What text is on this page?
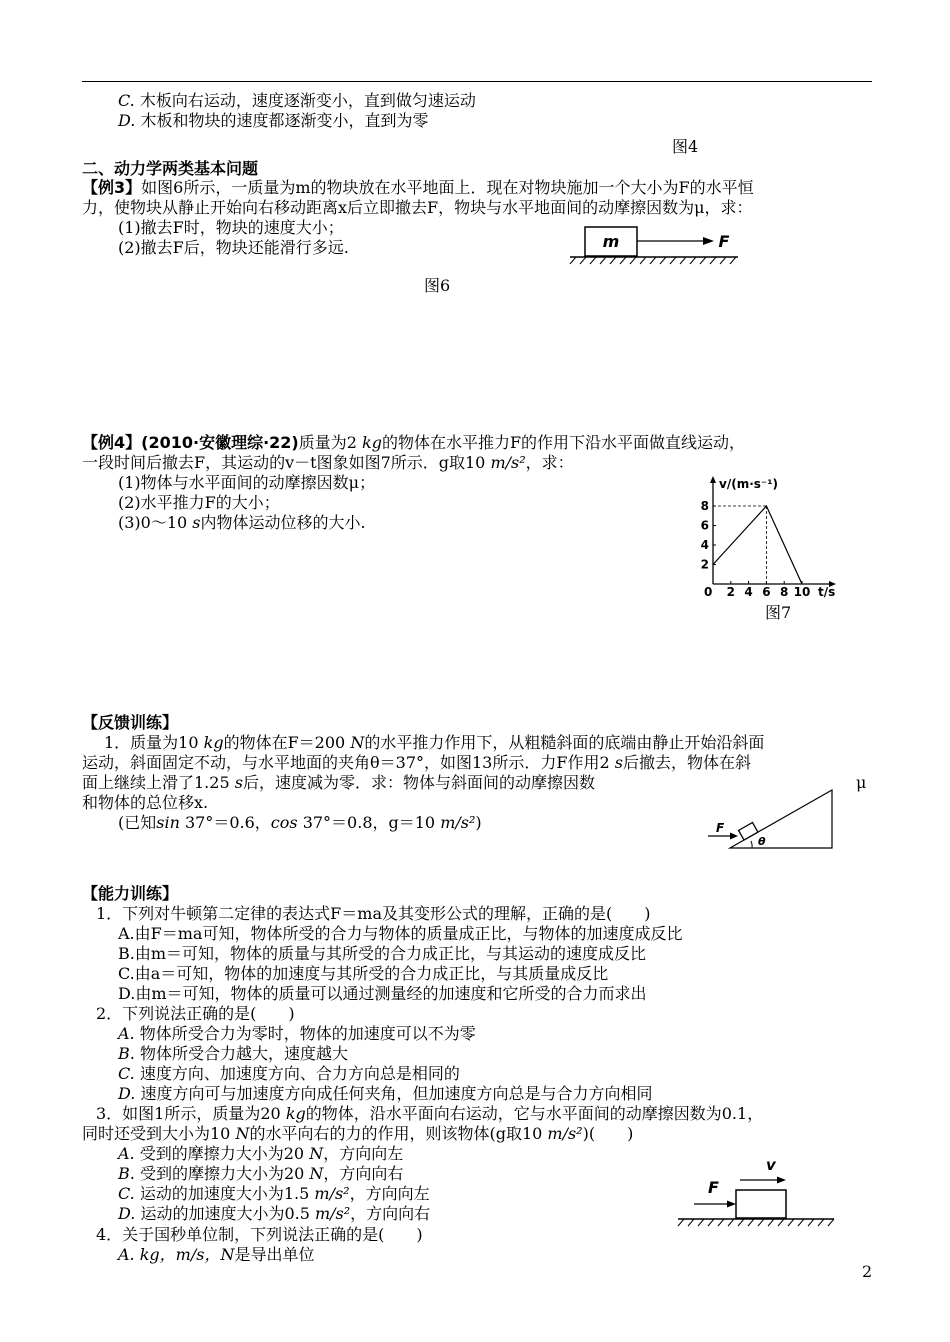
C. 木板向右运动，速度逐渐变小，直到做匀速运动
D. 木板和物块的速度都逐渐变小，直到为零
图4
二、动力学两类基本问题
【例3】如图6所示，一质量为m的物块放在水平地面上．现在对物块施加一个大小为F的水平恒
力，使物块从静止开始向右移动距离x后立即撤去F，物块与水平地面间的动摩擦因数为μ，求：
(1)撤去F时，物块的速度大小；
(2)撤去F后，物块还能滑行多远.	m	F
图6
【例4】(2010·安徽理综·22)质量为2 kg的物体在水平推力F的作用下沿水平面做直线运动，
一段时间后撤去F，其运动的v－t图象如图7所示．g取10 m/s²，求：
(1)物体与水平面间的动摩擦因数μ；
(2)水平推力F的大小；
(3)0～10 s内物体运动位移的大小.
v/(m·s⁻¹)
t/s
0 2 4 6 8 10
2
4
6
8
图7
【反馈训练】
1．质量为10 kg的物体在F＝200 N的水平推力作用下，从粗糙斜面的底端由静止开始沿斜面
运动，斜面固定不动，与水平地面的夹角θ＝37°，如图13所示．力F作用2 s后撤去，物体在斜
面上继续上滑了1.25 s后，速度减为零．求：物体与斜面间的动摩擦因数	μ
和物体的总位移x.
(已知sin 37°＝0.6，cos 37°＝0.8，g＝10 m/s²)
θ
F
【能力训练】
1．下列对牛顿第二定律的表达式F＝ma及其变形公式的理解，正确的是(　　)
A.由F＝ma可知，物体所受的合力与物体的质量成正比，与物体的加速度成反比
B.由m＝可知，物体的质量与其所受的合力成正比，与其运动的速度成反比
C.由a＝可知，物体的加速度与其所受的合力成正比，与其质量成反比
D.由m＝可知，物体的质量可以通过测量经的加速度和它所受的合力而求出
2．下列说法正确的是(　　)
A. 物体所受合力为零时，物体的加速度可以不为零
B. 物体所受合力越大，速度越大
C. 速度方向、加速度方向、合力方向总是相同的
D. 速度方向可与加速度方向成任何夹角，但加速度方向总是与合力方向相同
3．如图1所示，质量为20 kg的物体，沿水平面向右运动，它与水平面间的动摩擦因数为0.1，
同时还受到大小为10 N的水平向右的力的作用，则该物体(g取10 m/s²)(　　)
A. 受到的摩擦力大小为20 N，方向向左
B. 受到的摩擦力大小为20 N，方向向右
C. 运动的加速度大小为1.5 m/s²，方向向左
D. 运动的加速度大小为0.5 m/s²，方向向右
v
F
4．关于国秒单位制，下列说法正确的是(　　)
A. kg，m/s，N是导出单位
2
